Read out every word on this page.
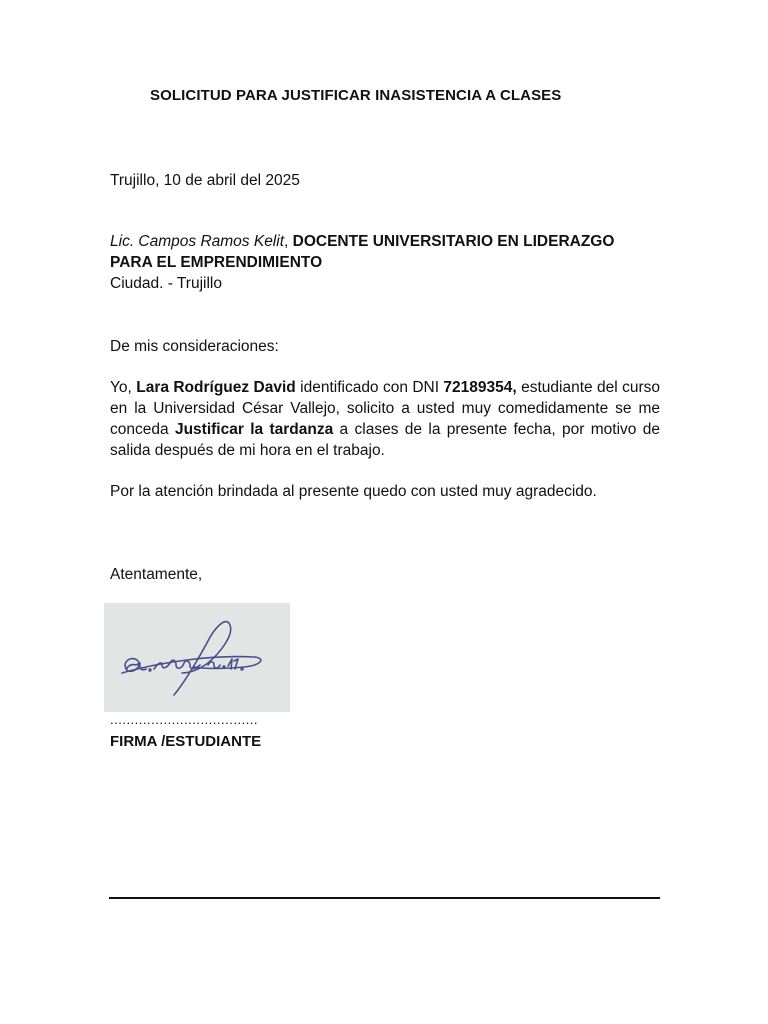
SOLICITUD PARA JUSTIFICAR INASISTENCIA A CLASES
Trujillo, 10 de abril del 2025
Lic. Campos Ramos Kelit, DOCENTE UNIVERSITARIO EN LIDERAZGO PARA EL EMPRENDIMIENTO
Ciudad. - Trujillo
De mis consideraciones:
Yo, Lara Rodríguez David identificado con DNI 72189354, estudiante del curso en la Universidad César Vallejo, solicito a usted muy comedidamente se me conceda Justificar la tardanza a clases de la presente fecha, por motivo de salida después de mi hora en el trabajo.
Por la atención brindada al presente quedo con usted muy agradecido.
Atentamente,
....................................
FIRMA /ESTUDIANTE
